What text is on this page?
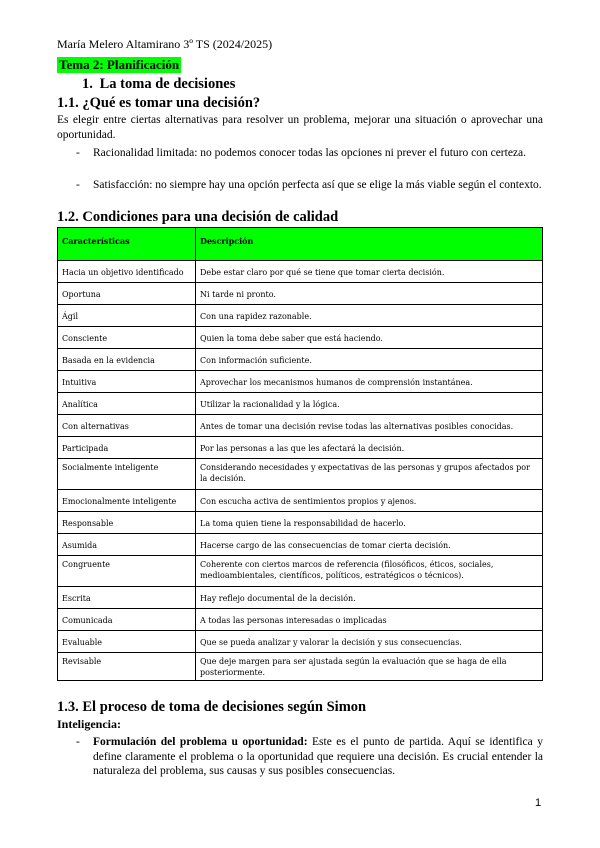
María Melero Altamirano 3º TS (2024/2025)
Tema 2: Planificación
1. La toma de decisiones
1.1. ¿Qué es tomar una decisión?
Es elegir entre ciertas alternativas para resolver un problema, mejorar una situación o aprovechar una oportunidad.
- Racionalidad limitada: no podemos conocer todas las opciones ni prever el futuro con certeza.
- Satisfacción: no siempre hay una opción perfecta así que se elige la más viable según el contexto.
1.2. Condiciones para una decisión de calidad
Características	Descripción
Hacia un objetivo identificado	Debe estar claro por qué se tiene que tomar cierta decisión.
Oportuna	Ni tarde ni pronto.
Ágil	Con una rapidez razonable.
Consciente	Quien la toma debe saber que está haciendo.
Basada en la evidencia	Con información suficiente.
Intuitiva	Aprovechar los mecanismos humanos de comprensión instantánea.
Analítica	Utilizar la racionalidad y la lógica.
Con alternativas	Antes de tomar una decisión revise todas las alternativas posibles conocidas.
Participada	Por las personas a las que les afectará la decisión.
Socialmente inteligente	Considerando necesidades y expectativas de las personas y grupos afectados por la decisión.
Emocionalmente inteligente	Con escucha activa de sentimientos propios y ajenos.
Responsable	La toma quien tiene la responsabilidad de hacerlo.
Asumida	Hacerse cargo de las consecuencias de tomar cierta decisión.
Congruente	Coherente con ciertos marcos de referencia (filosóficos, éticos, sociales, medioambientales, científicos, políticos, estratégicos o técnicos).
Escrita	Hay reflejo documental de la decisión.
Comunicada	A todas las personas interesadas o implicadas
Evaluable	Que se pueda analizar y valorar la decisión y sus consecuencias.
Revisable	Que deje margen para ser ajustada según la evaluación que se haga de ella posteriormente.
1.3. El proceso de toma de decisiones según Simon
Inteligencia:
- Formulación del problema u oportunidad: Este es el punto de partida. Aquí se identifica y define claramente el problema o la oportunidad que requiere una decisión. Es crucial entender la naturaleza del problema, sus causas y sus posibles consecuencias.
1
